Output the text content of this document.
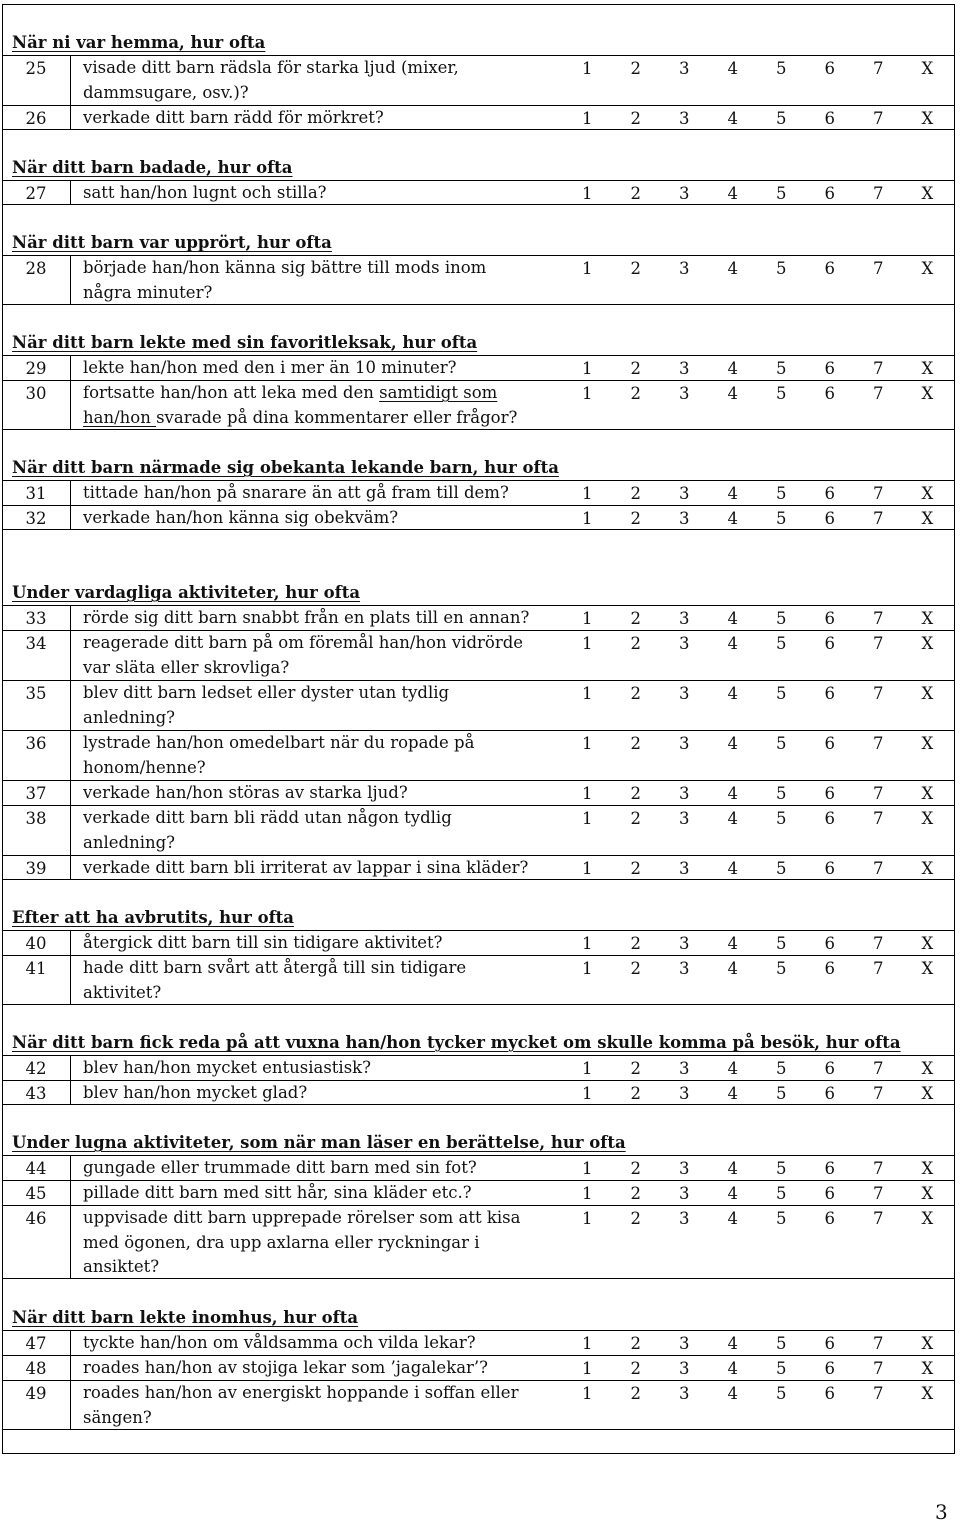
När ni var hemma, hur ofta
25	visade ditt barn rädsla för starka ljud (mixer,
dammsugare, osv.)?
1	2	3	4	5	6	7	X
26	verkade ditt barn rädd för mörkret?	1	2	3	4	5	6	7	X
När ditt barn badade, hur ofta
27	satt han/hon lugnt och stilla?	1	2	3	4	5	6	7	X
När ditt barn var upprört, hur ofta
28	började han/hon känna sig bättre till mods inom
några minuter?
1	2	3	4	5	6	7	X
När ditt barn lekte med sin favoritleksak, hur ofta
29	lekte han/hon med den i mer än 10 minuter?	1	2	3	4	5	6	7	X
30	fortsatte han/hon att leka med den samtidigt som
han/hon svarade på dina kommentarer eller frågor?
1	2	3	4	5	6	7	X
När ditt barn närmade sig obekanta lekande barn, hur ofta
31	tittade han/hon på snarare än att gå fram till dem?	1	2	3	4	5	6	7	X
32	verkade han/hon känna sig obekväm?	1	2	3	4	5	6	7	X
Under vardagliga aktiviteter, hur ofta
33	rörde sig ditt barn snabbt från en plats till en annan?	1	2	3	4	5	6	7	X
34	reagerade ditt barn på om föremål han/hon vidrörde
var släta eller skrovliga?
1	2	3	4	5	6	7	X
35	blev ditt barn ledset eller dyster utan tydlig
anledning?
1	2	3	4	5	6	7	X
36	lystrade han/hon omedelbart när du ropade på
honom/henne?
1	2	3	4	5	6	7	X
37	verkade han/hon störas av starka ljud?	1	2	3	4	5	6	7	X
38	verkade ditt barn bli rädd utan någon tydlig
anledning?
1	2	3	4	5	6	7	X
39	verkade ditt barn bli irriterat av lappar i sina kläder?	1	2	3	4	5	6	7	X
Efter att ha avbrutits, hur ofta
40	återgick ditt barn till sin tidigare aktivitet?	1	2	3	4	5	6	7	X
41	hade ditt barn svårt att återgå till sin tidigare
aktivitet?
1	2	3	4	5	6	7	X
När ditt barn fick reda på att vuxna han/hon tycker mycket om skulle komma på besök, hur ofta
42	blev han/hon mycket entusiastisk?	1	2	3	4	5	6	7	X
43	blev han/hon mycket glad?	1	2	3	4	5	6	7	X
Under lugna aktiviteter, som när man läser en berättelse, hur ofta
44	gungade eller trummade ditt barn med sin fot?	1	2	3	4	5	6	7	X
45	pillade ditt barn med sitt hår, sina kläder etc.?	1	2	3	4	5	6	7	X
46	uppvisade ditt barn upprepade rörelser som att kisa
med ögonen, dra upp axlarna eller ryckningar i
ansiktet?
1	2	3	4	5	6	7	X
När ditt barn lekte inomhus, hur ofta
47	tyckte han/hon om våldsamma och vilda lekar?	1	2	3	4	5	6	7	X
48	roades han/hon av stojiga lekar som ’jagalekar’?	1	2	3	4	5	6	7	X
49	roades han/hon av energiskt hoppande i soffan eller
sängen?
1	2	3	4	5	6	7	X
3
